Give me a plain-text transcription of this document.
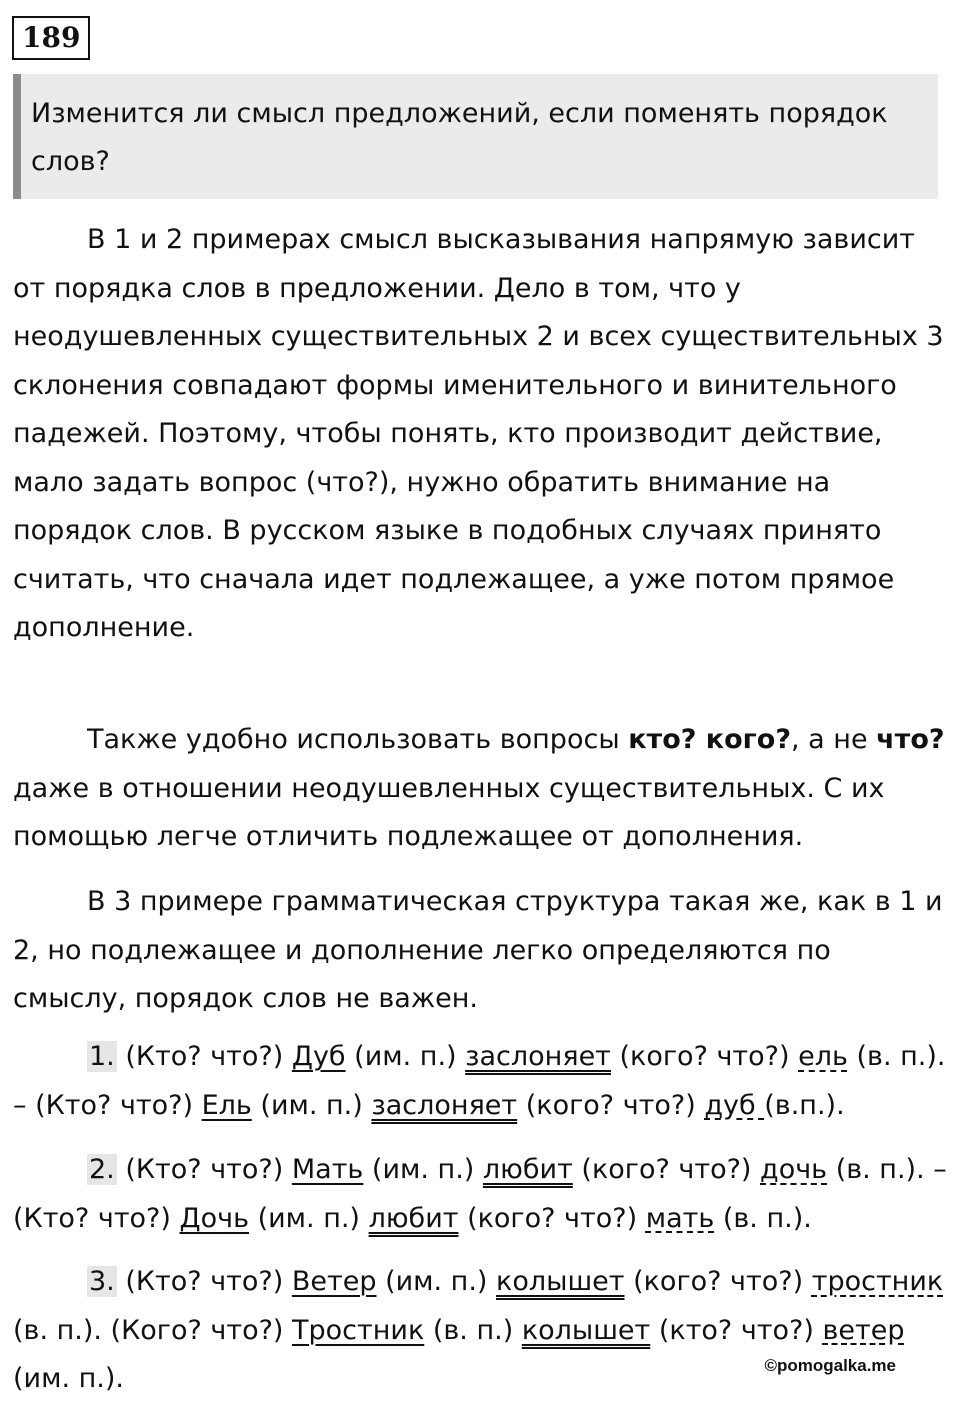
189
Изменится ли смысл предложений, если поменять порядок слов?

В 1 и 2 примерах смысл высказывания напрямую зависит от порядка слов в предложении. Дело в том, что у неодушевленных существительных 2 и всех существительных 3 склонения совпадают формы именительного и винительного падежей. Поэтому, чтобы понять, кто производит действие, мало задать вопрос (что?), нужно обратить внимание на порядок слов. В русском языке в подобных случаях принято считать, что сначала идет подлежащее, а уже потом прямое дополнение.

Также удобно использовать вопросы кто? кого?, а не что? даже в отношении неодушевленных существительных. С их помощью легче отличить подлежащее от дополнения.

В 3 примере грамматическая структура такая же, как в 1 и 2, но подлежащее и дополнение легко определяются по смыслу, порядок слов не важен.

1. (Кто? что?) Дуб (им. п.) заслоняет (кого? что?) ель (в. п.). – (Кто? что?) Ель (им. п.) заслоняет (кого? что?) дуб (в.п.).

2. (Кто? что?) Мать (им. п.) любит (кого? что?) дочь (в. п.). – (Кто? что?) Дочь (им. п.) любит (кого? что?) мать (в. п.).

3. (Кто? что?) Ветер (им. п.) колышет (кого? что?) тростник (в. п.). (Кого? что?) Тростник (в. п.) колышет (кто? что?) ветер (им. п.).	©pomogalka.me
